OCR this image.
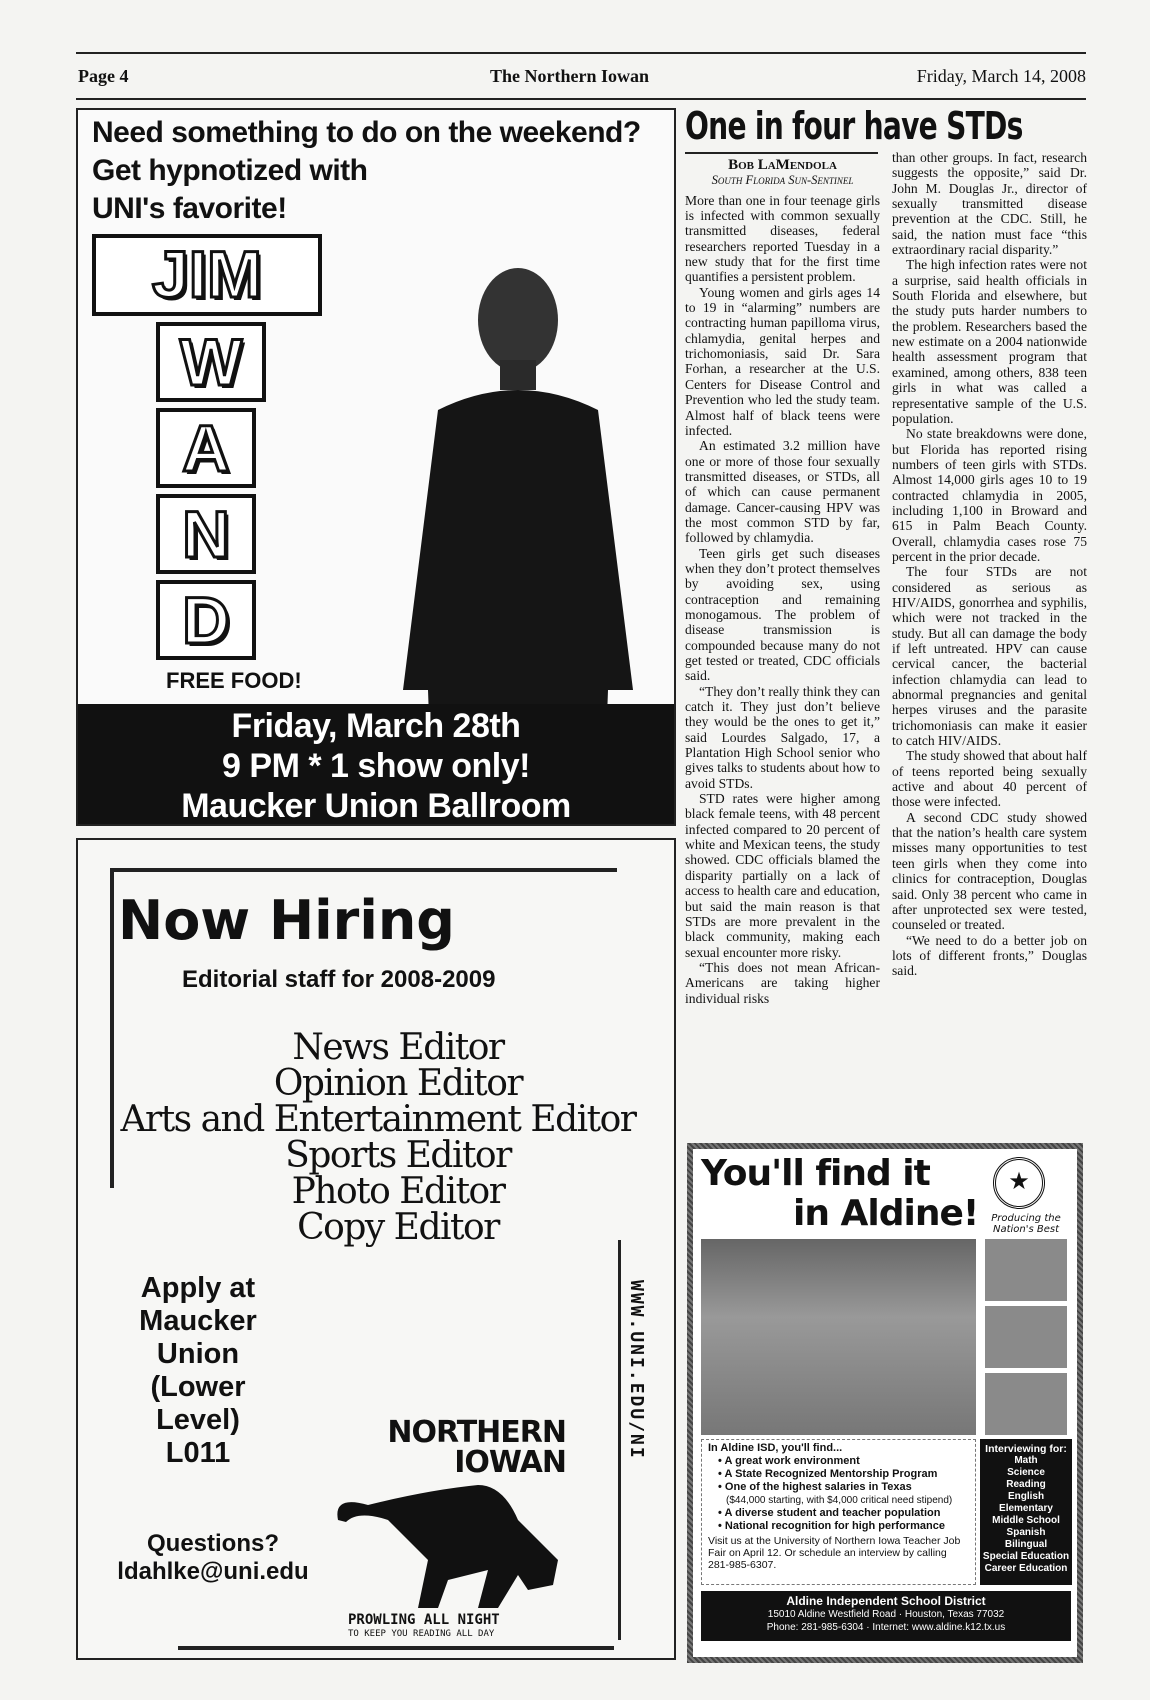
Page 4	The Northern Iowan	Friday, March 14, 2008
Need something to do on the weekend?
Get hypnotized with
UNI's favorite!
JIM
W
A
N
D
FREE FOOD!
Friday, March 28th
9 PM * 1 show only!
Maucker Union Ballroom
Now Hiring
Editorial staff for 2008-2009
News Editor
Opinion Editor
Arts and Entertainment Editor
Sports Editor
Photo Editor
Copy Editor
Apply at
Maucker
Union
(Lower
Level)
L011
Questions?
ldahlke@uni.edu
NORTHERN
IOWAN
PROWLING ALL NIGHT
TO KEEP YOU READING ALL DAY
WWW.UNI.EDU/NI
One in four have STDs
Bob LaMendola
South Florida Sun-Sentinel

More than one in four teenage girls is infected with common sexually transmitted diseases, federal researchers reported Tuesday in a new study that for the first time quantifies a persistent problem.

Young women and girls ages 14 to 19 in “alarming” numbers are contracting human papilloma virus, chlamydia, genital herpes and trichomoniasis, said Dr. Sara Forhan, a researcher at the U.S. Centers for Disease Control and Prevention who led the study team. Almost half of black teens were infected.

An estimated 3.2 million have one or more of those four sexually transmitted diseases, or STDs, all of which can cause permanent damage. Cancer-causing HPV was the most common STD by far, followed by chlamydia.

Teen girls get such diseases when they don’t protect themselves by avoiding sex, using contraception and remaining monogamous. The problem of disease transmission is compounded because many do not get tested or treated, CDC officials said.

“They don’t really think they can catch it. They just don’t believe they would be the ones to get it,” said Lourdes Salgado, 17, a Plantation High School senior who gives talks to students about how to avoid STDs.

STD rates were higher among black female teens, with 48 percent infected compared to 20 percent of white and Mexican teens, the study showed. CDC officials blamed the disparity partially on a lack of access to health care and education, but said the main reason is that STDs are more prevalent in the black community, making each sexual encounter more risky.

“This does not mean African-Americans are taking higher individual risks

than other groups. In fact, research suggests the opposite,” said Dr. John M. Douglas Jr., director of sexually transmitted disease prevention at the CDC. Still, he said, the nation must face “this extraordinary racial disparity.”

The high infection rates were not a surprise, said health officials in South Florida and elsewhere, but the study puts harder numbers to the problem. Researchers based the new estimate on a 2004 nationwide health assessment program that examined, among others, 838 teen girls in what was called a representative sample of the U.S. population.

No state breakdowns were done, but Florida has reported rising numbers of teen girls with STDs. Almost 14,000 girls ages 10 to 19 contracted chlamydia in 2005, including 1,100 in Broward and 615 in Palm Beach County. Overall, chlamydia cases rose 75 percent in the prior decade.

The four STDs are not considered as serious as HIV/AIDS, gonorrhea and syphilis, which were not tracked in the study. But all can damage the body if left untreated. HPV can cause cervical cancer, the bacterial infection chlamydia can lead to abnormal pregnancies and genital herpes viruses and the parasite trichomoniasis can make it easier to catch HIV/AIDS.

The study showed that about half of teens reported being sexually active and about 40 percent of those were infected.

A second CDC study showed that the nation’s health care system misses many opportunities to test teen girls when they come into clinics for contraception, Douglas said. Only 38 percent who came in after unprotected sex were tested, counseled or treated.

“We need to do a better job on lots of different fronts,” Douglas said.

You'll find it
in Aldine!
★
Producing the Nation's Best
In Aldine ISD, you'll find...
• A great work environment
• A State Recognized Mentorship Program
• One of the highest salaries in Texas
($44,000 starting, with $4,000 critical need stipend)
• A diverse student and teacher population
• National recognition for high performance
Visit us at the University of Northern Iowa Teacher Job Fair on April 12. Or schedule an interview by calling 281-985-6307.
Interviewing for:
Math
Science
Reading
English
Elementary
Middle School
Spanish
Bilingual
Special Education
Career Education
Aldine Independent School District
15010 Aldine Westfield Road · Houston, Texas 77032
Phone: 281-985-6304 · Internet: www.aldine.k12.tx.us
